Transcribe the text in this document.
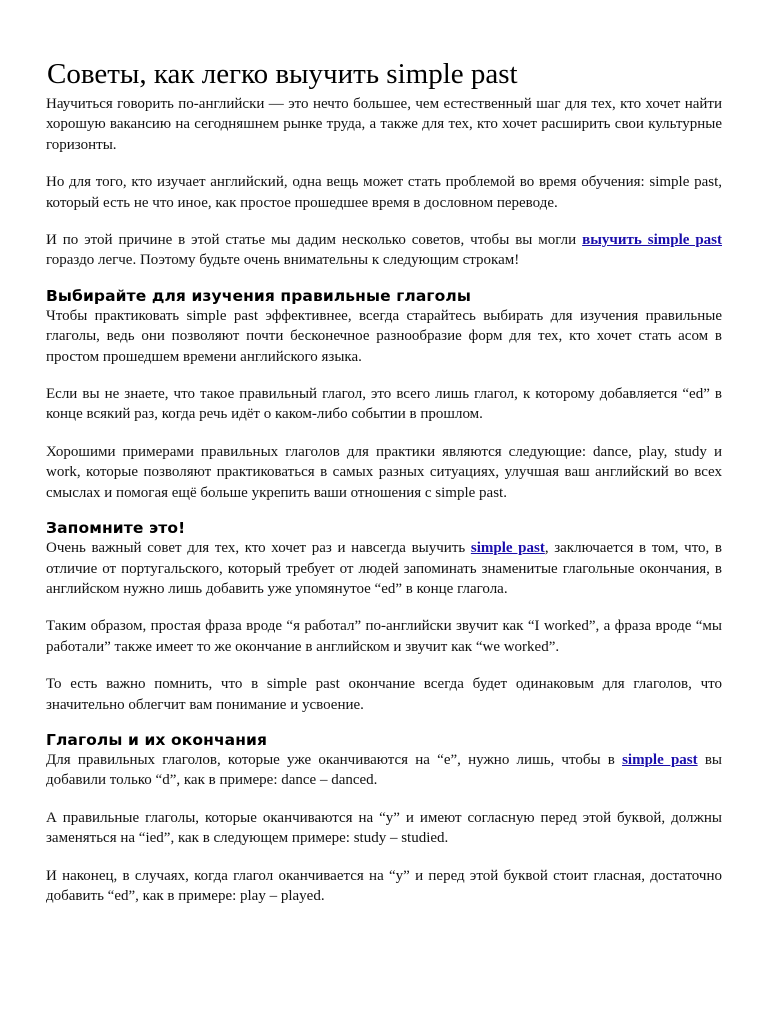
Советы, как легко выучить simple past

Научиться говорить по-английски — это нечто большее, чем естественный шаг для тех, кто хочет найти хорошую вакансию на сегодняшнем рынке труда, а также для тех, кто хочет расширить свои культурные горизонты.

Но для того, кто изучает английский, одна вещь может стать проблемой во время обучения: simple past, который есть не что иное, как простое прошедшее время в дословном переводе.

И по этой причине в этой статье мы дадим несколько советов, чтобы вы могли выучить simple past гораздо легче. Поэтому будьте очень внимательны к следующим строкам!

Выбирайте для изучения правильные глаголы

Чтобы практиковать simple past эффективнее, всегда старайтесь выбирать для изучения правильные глаголы, ведь они позволяют почти бесконечное разнообразие форм для тех, кто хочет стать асом в простом прошедшем времени английского языка.

Если вы не знаете, что такое правильный глагол, это всего лишь глагол, к которому добавляется “ed” в конце всякий раз, когда речь идёт о каком-либо событии в прошлом.

Хорошими примерами правильных глаголов для практики являются следующие: dance, play, study и work, которые позволяют практиковаться в самых разных ситуациях, улучшая ваш английский во всех смыслах и помогая ещё больше укрепить ваши отношения с simple past.

Запомните это!

Очень важный совет для тех, кто хочет раз и навсегда выучить simple past, заключается в том, что, в отличие от португальского, который требует от людей запоминать знаменитые глагольные окончания, в английском нужно лишь добавить уже упомянутое “ed” в конце глагола.

Таким образом, простая фраза вроде “я работал” по-английски звучит как “I worked”, а фраза вроде “мы работали” также имеет то же окончание в английском и звучит как “we worked”.

То есть важно помнить, что в simple past окончание всегда будет одинаковым для глаголов, что значительно облегчит вам понимание и усвоение.

Глаголы и их окончания

Для правильных глаголов, которые уже оканчиваются на “e”, нужно лишь, чтобы в simple past вы добавили только “d”, как в примере: dance – danced.

А правильные глаголы, которые оканчиваются на “y” и имеют согласную перед этой буквой, должны заменяться на “ied”, как в следующем примере: study – studied.

И наконец, в случаях, когда глагол оканчивается на “y” и перед этой буквой стоит гласная, достаточно добавить “ed”, как в примере: play – played.
